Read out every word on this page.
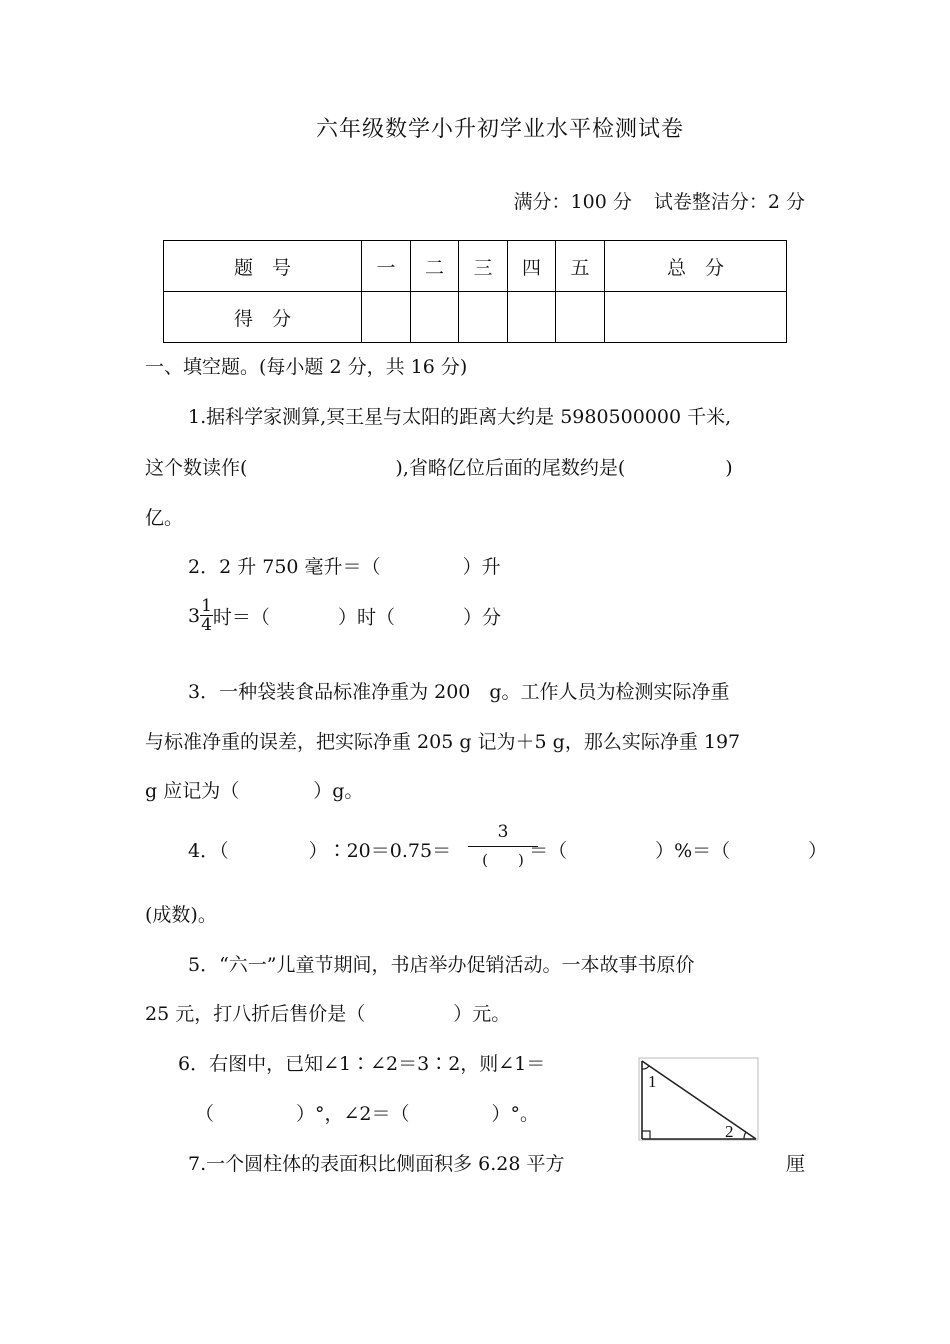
六年级数学小升初学业水平检测试卷
满分：100 分 试卷整洁分：2 分
题　号	一	二	三	四	五	总　分
得　分						
一、填空题。(每小题 2 分，共 16 分)
1.据科学家测算,冥王星与太阳的距离大约是 5980500000 千米,
这个数读作(	),省略亿位后面的尾数约是(	)
亿。
2．2 升 750 毫升＝（	）升
$3 \frac{1}{4}$ 时＝（	）时（	）分
3．一种袋装食品标准净重为 200　g。工作人员为检测实际净重
与标准净重的误差，把实际净重 205 g 记为＋5 g，那么实际净重 197
g 应记为（	）g。
4．（	）∶20＝0.75＝	＝（	）%＝（	）
3
(　　)
(成数)。
5．“六一”儿童节期间，书店举办促销活动。一本故事书原价
25 元，打八折后售价是（	）元。
6．右图中，已知∠1∶∠2＝3∶2，则∠1＝
（	）°，∠2＝（	）°。
1
2
7.一个圆柱体的表面积比侧面积多 6.28 平方	厘
